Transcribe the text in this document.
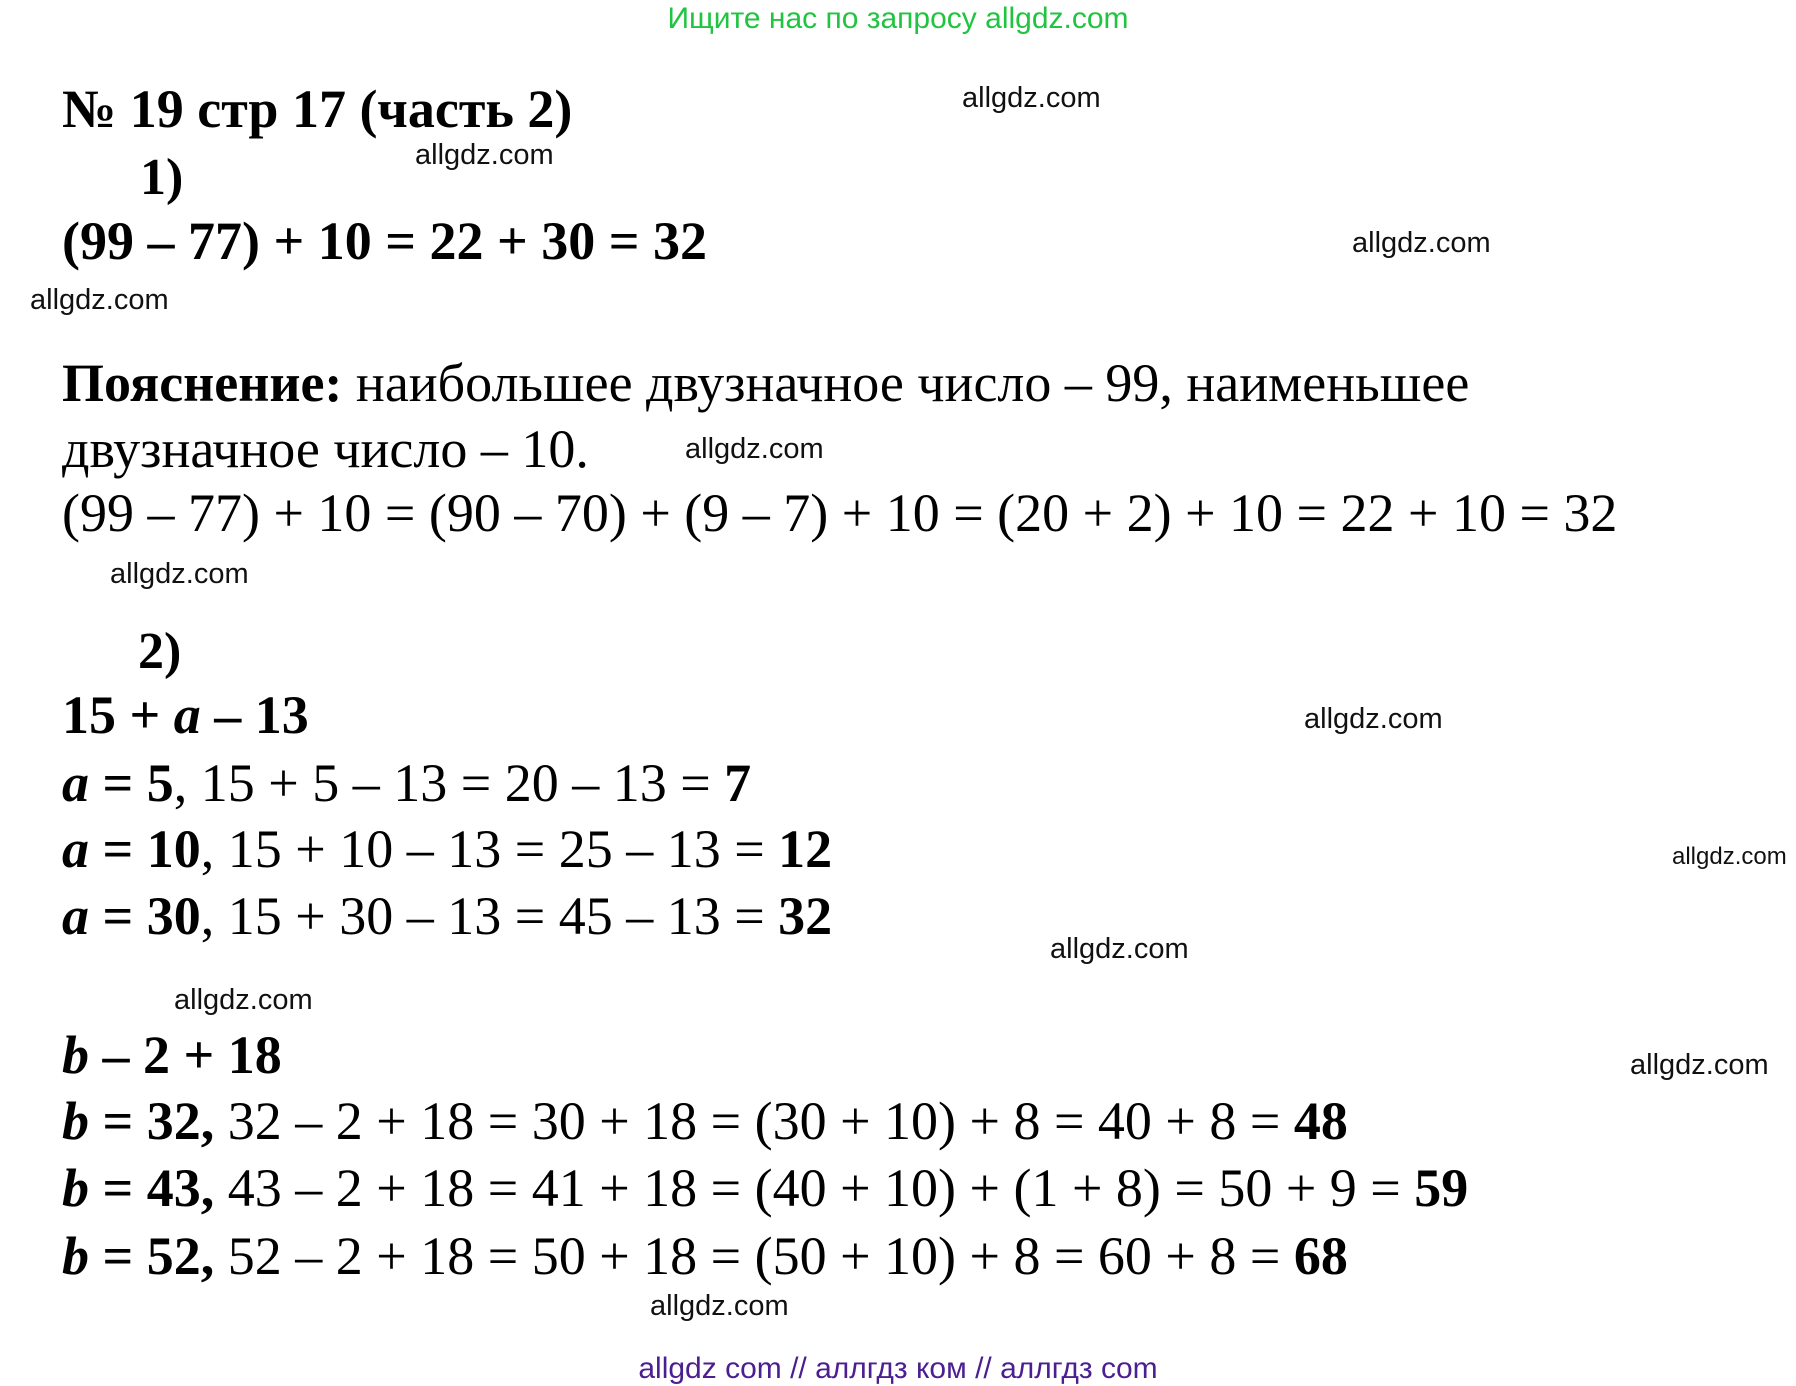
Ищите нас по запросу allgdz.com
№ 19 стр 17 (часть 2)
1)
(99 – 77) + 10 = 22 + 30 = 32
Пояснение: наибольшее двузначное число – 99, наименьшее
двузначное число – 10.
(99 – 77) + 10 = (90 – 70) + (9 – 7) + 10 = (20 + 2) + 10 = 22 + 10 = 32
2)
15 + a – 13
a = 5, 15 + 5 – 13 = 20 – 13 = 7
a = 10, 15 + 10 – 13 = 25 – 13 = 12
a = 30, 15 + 30 – 13 = 45 – 13 = 32
b – 2 + 18
b = 32, 32 – 2 + 18 = 30 + 18 = (30 + 10) + 8 = 40 + 8 = 48
b = 43, 43 – 2 + 18 = 41 + 18 = (40 + 10) + (1 + 8) = 50 + 9 = 59
b = 52, 52 – 2 + 18 = 50 + 18 = (50 + 10) + 8 = 60 + 8 = 68
allgdz.com
allgdz.com
allgdz.com
allgdz.com
allgdz.com
allgdz.com
allgdz.com
allgdz.com
allgdz.com
allgdz.com
allgdz.com
allgdz.com
allgdz com // аллгдз ком // аллгдз com
